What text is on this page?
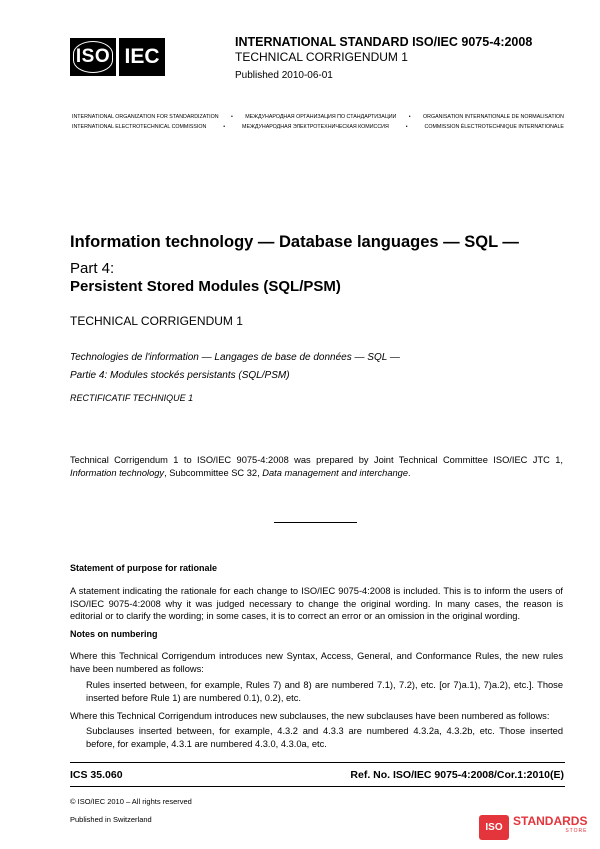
ISO IEC
INTERNATIONAL STANDARD ISO/IEC 9075-4:2008
TECHNICAL CORRIGENDUM 1
Published 2010-06-01
INTERNATIONAL ORGANIZATION FOR STANDARDIZATION • МЕЖДУНАРОДНАЯ ОРГАНИЗАЦИЯ ПО СТАНДАРТИЗАЦИИ • ORGANISATION INTERNATIONALE DE NORMALISATION
INTERNATIONAL ELECTROTECHNICAL COMMISSION	•	МЕЖДУНАРОДНАЯ ЭЛЕКТРОТЕХНИЧЕСКАЯ КОМИССИЯ	•	COMMISSION ÉLECTROTECHNIQUE INTERNATIONALE
Information technology — Database languages — SQL —
Part 4:
Persistent Stored Modules (SQL/PSM)
TECHNICAL CORRIGENDUM 1
Technologies de l'information — Langages de base de données — SQL —
Partie 4: Modules stockés persistants (SQL/PSM)
RECTIFICATIF TECHNIQUE 1
Technical Corrigendum 1 to ISO/IEC 9075-4:2008 was prepared by Joint Technical Committee ISO/IEC JTC 1, Information technology, Subcommittee SC 32, Data management and interchange.
Statement of purpose for rationale
A statement indicating the rationale for each change to ISO/IEC 9075-4:2008 is included. This is to inform the users of ISO/IEC 9075-4:2008 why it was judged necessary to change the original wording. In many cases, the reason is editorial or to clarify the wording; in some cases, it is to correct an error or an omission in the original wording.
Notes on numbering
Where this Technical Corrigendum introduces new Syntax, Access, General, and Conformance Rules, the new rules have been numbered as follows:
Rules inserted between, for example, Rules 7) and 8) are numbered 7.1), 7.2), etc. [or 7)a.1), 7)a.2), etc.]. Those inserted before Rule 1) are numbered 0.1), 0.2), etc.
Where this Technical Corrigendum introduces new subclauses, the new subclauses have been numbered as follows:
Subclauses inserted between, for example, 4.3.2 and 4.3.3 are numbered 4.3.2a, 4.3.2b, etc. Those inserted before, for example, 4.3.1 are numbered 4.3.0, 4.3.0a, etc.
ICS 35.060	Ref. No. ISO/IEC 9075-4:2008/Cor.1:2010(E)
© ISO/IEC 2010 – All rights reserved
Published in Switzerland
ISO STANDARDS
STORE
